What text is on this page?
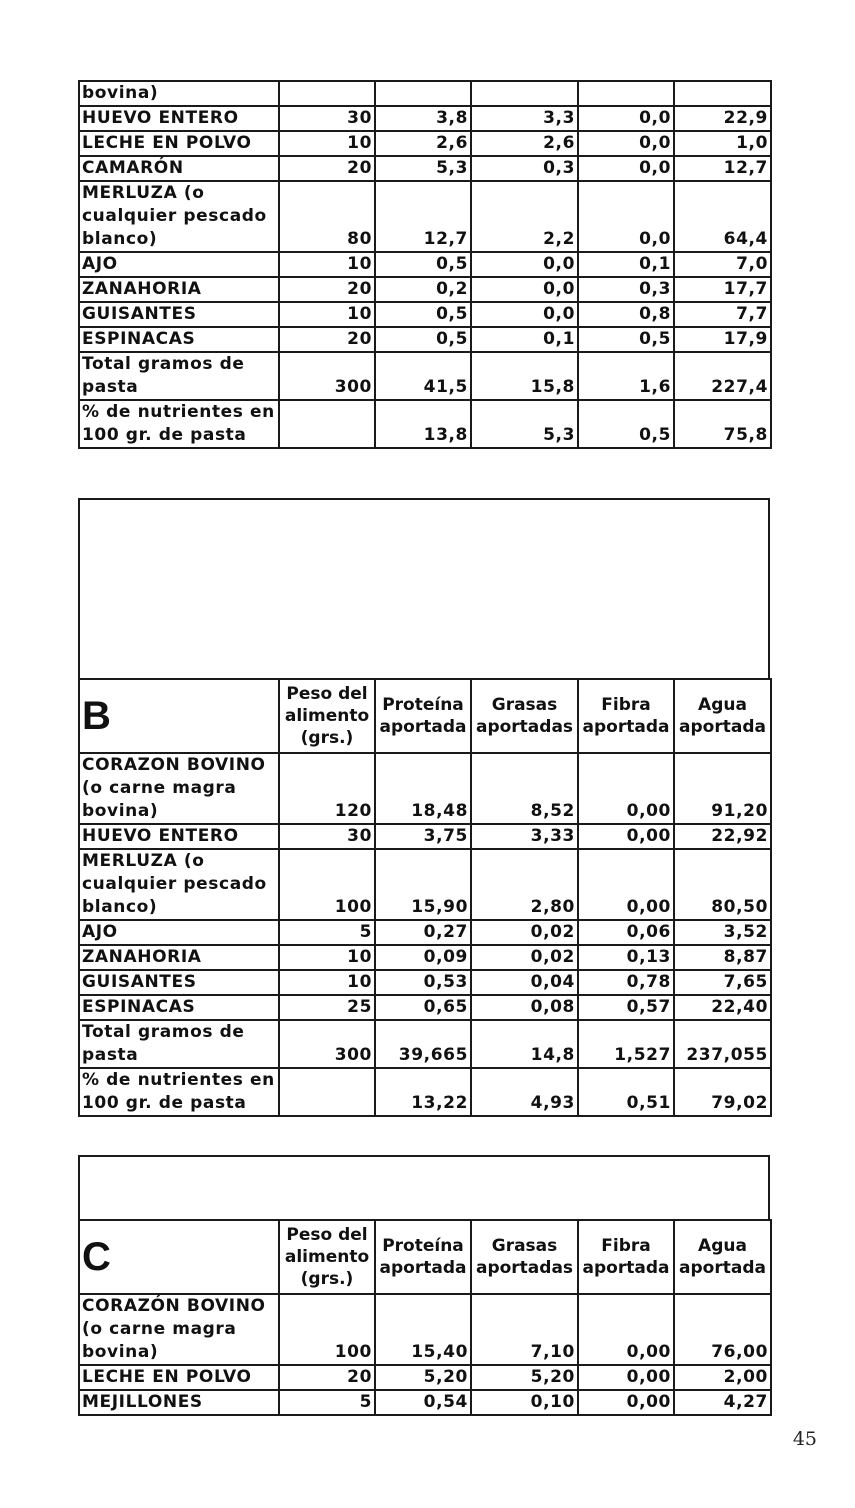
bovina)					
HUEVO ENTERO	30	3,8	3,3	0,0	22,9
LECHE EN POLVO	10	2,6	2,6	0,0	1,0
CAMARÓN	20	5,3	0,3	0,0	12,7
MERLUZA (o cualquier pescado blanco)	80	12,7	2,2	0,0	64,4
AJO	10	0,5	0,0	0,1	7,0
ZANAHORIA	20	0,2	0,0	0,3	17,7
GUISANTES	10	0,5	0,0	0,8	7,7
ESPINACAS	20	0,5	0,1	0,5	17,9
Total gramos de pasta	300	41,5	15,8	1,6	227,4
% de nutrientes en 100 gr. de pasta		13,8	5,3	0,5	75,8
B	Peso del alimento (grs.)	Proteína aportada	Grasas aportadas	Fibra aportada	Agua aportada
CORAZON BOVINO (o carne magra bovina)	120	18,48	8,52	0,00	91,20
HUEVO ENTERO	30	3,75	3,33	0,00	22,92
MERLUZA (o cualquier pescado blanco)	100	15,90	2,80	0,00	80,50
AJO	5	0,27	0,02	0,06	3,52
ZANAHORIA	10	0,09	0,02	0,13	8,87
GUISANTES	10	0,53	0,04	0,78	7,65
ESPINACAS	25	0,65	0,08	0,57	22,40
Total gramos de pasta	300	39,665	14,8	1,527	237,055
% de nutrientes en 100 gr. de pasta		13,22	4,93	0,51	79,02
C	Peso del alimento (grs.)	Proteína aportada	Grasas aportadas	Fibra aportada	Agua aportada
CORAZÓN BOVINO (o carne magra bovina)	100	15,40	7,10	0,00	76,00
LECHE EN POLVO	20	5,20	5,20	0,00	2,00
MEJILLONES	5	0,54	0,10	0,00	4,27
45
